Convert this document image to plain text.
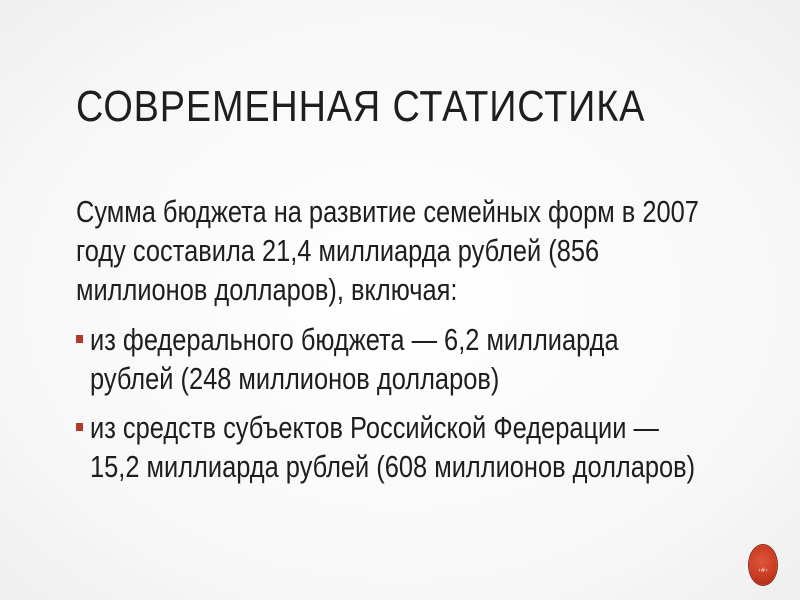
СОВРЕМЕННАЯ СТАТИСТИКА

Сумма бюджета на развитие семейных форм в 2007 году составила 21,4 миллиарда рублей (856 миллионов долларов), включая:

из федерального бюджета — 6,2 миллиарда рублей (248 миллионов долларов)
из средств субъектов Российской Федерации — 15,2 миллиарда рублей (608 миллионов долларов)
‹#›
